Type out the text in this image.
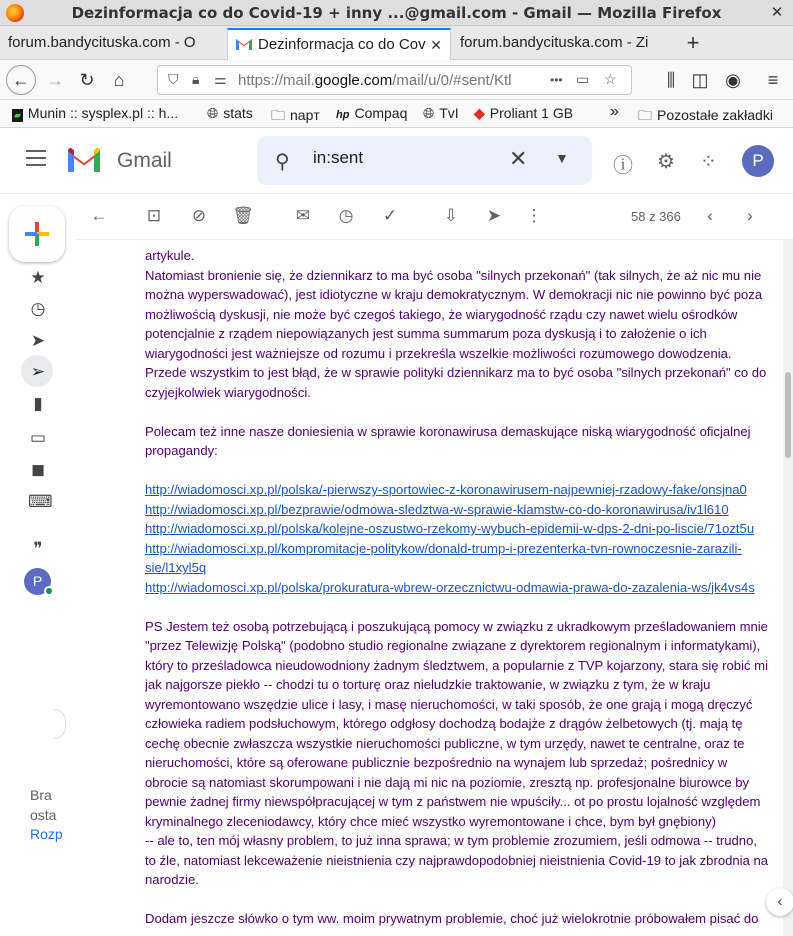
Dezinformacja co do Covid-19 + inny ...@gmail.com - Gmail — Mozilla Firefox	✕
forum.bandycituska.com - O	Dezinformacja co do Cov ✕	forum.bandycituska.com - Zi	+
← → ↻	⌂	⛉ 🔒︎ ⚌ https://mail.google.com/mail/u/0/#sent/Ktl	••• ▭ ☆	⫼ ◫ ◉	≡
▰ Munin :: sysplex.pl :: h... 🌐︎ stats 🗀 napт hp Compaq 🌐︎ TvI ◆ Proliant 1 GB » 🗀 Pozostałe zakładki
Gmail	⚲
in:sent	✕ ▼ ⓘ ⚙ ⁘	P
★
◷
➤
➢
▮
▭
◼
⌨
❞
P
Bra
osta
Rozp
← ⊡ ⊘ 🗑︎ ✉ ◷ ✓	⇩ ➤ ⋮	58 z 366	‹	›

artykule.

Natomiast bronienie się, że dziennikarz to ma być osoba "silnych przekonań" (tak silnych, że aż nic mu nie można wyperswadować), jest idiotyczne w kraju demokratycznym. W demokracji nic nie powinno być poza możliwością dyskusji, nie może być czegoś takiego, że wiarygodność rządu czy nawet wielu ośrodków potencjalnie z rządem niepowiązanych jest summa summarum poza dyskusją i to założenie o ich wiarygodności jest ważniejsze od rozumu i przekreśla wszelkie możliwości rozumowego dowodzenia. Przede wszystkim to jest błąd, że w sprawie polityki dziennikarz ma to być osoba "silnych przekonań" co do czyjejkolwiek wiarygodności.

Polecam też inne nasze doniesienia w sprawie koronawirusa demaskujące niską wiarygodność oficjalnej propagandy:

http://wiadomosci.xp.pl/polska/-pierwszy-sportowiec-z-koronawirusem-najpewniej-rzadowy-fake/onsjna0
http://wiadomosci.xp.pl/bezprawie/odmowa-sledztwa-w-sprawie-klamstw-co-do-koronawirusa/iv1l610
http://wiadomosci.xp.pl/polska/kolejne-oszustwo-rzekomy-wybuch-epidemii-w-dps-2-dni-po-liscie/71ozt5u
http://wiadomosci.xp.pl/kompromitacje-politykow/donald-trump-i-prezenterka-tvn-rownoczesnie-zarazili-sie/l1xyl5q
http://wiadomosci.xp.pl/polska/prokuratura-wbrew-orzecznictwu-odmawia-prawa-do-zazalenia-ws/jk4vs4s

PS Jestem też osobą potrzebującą i poszukującą pomocy w związku z ukradkowym prześladowaniem mnie "przez Telewizję Polską" (podobno studio regionalne związane z dyrektorem regionalnym i informatykami), który to prześladowca nieudowodniony żadnym śledztwem, a popularnie z TVP kojarzony, stara się robić mi jak najgorsze piekło -- chodzi tu o torturę oraz nieludzkie traktowanie, w związku z tym, że w kraju wyremontowano wszędzie ulice i lasy, i masę nieruchomości, w taki sposób, że one grają i mogą dręczyć człowieka radiem podsłuchowym, którego odgłosy dochodzą bodajże z drągów żelbetowych (tj. mają tę cechę obecnie zwłaszcza wszystkie nieruchomości publiczne, w tym urzędy, nawet te centralne, oraz te nieruchomości, które są oferowane publicznie bezpośrednio na wynajem lub sprzedaż; pośrednicy w obrocie są natomiast skorumpowani i nie dają mi nic na poziomie, zresztą np. profesjonalne biurowce by pewnie żadnej firmy niewspółpracującej w tym z państwem nie wpuściły... ot po prostu lojalność względem kryminalnego zleceniodawcy, który chce mieć wszystko wyremontowane i chce, bym był gnębiony)
-- ale to, ten mój własny problem, to już inna sprawa; w tym problemie zrozumiem, jeśli odmowa -- trudno, to źle, natomiast lekceważenie nieistnienia czy najprawdopodobniej nieistnienia Covid-19 to jak zbrodnia na narodzie.

Dodam jeszcze słówko o tym ww. moim prywatnym problemie, choć już wielokrotnie próbowałem pisać do

‹
